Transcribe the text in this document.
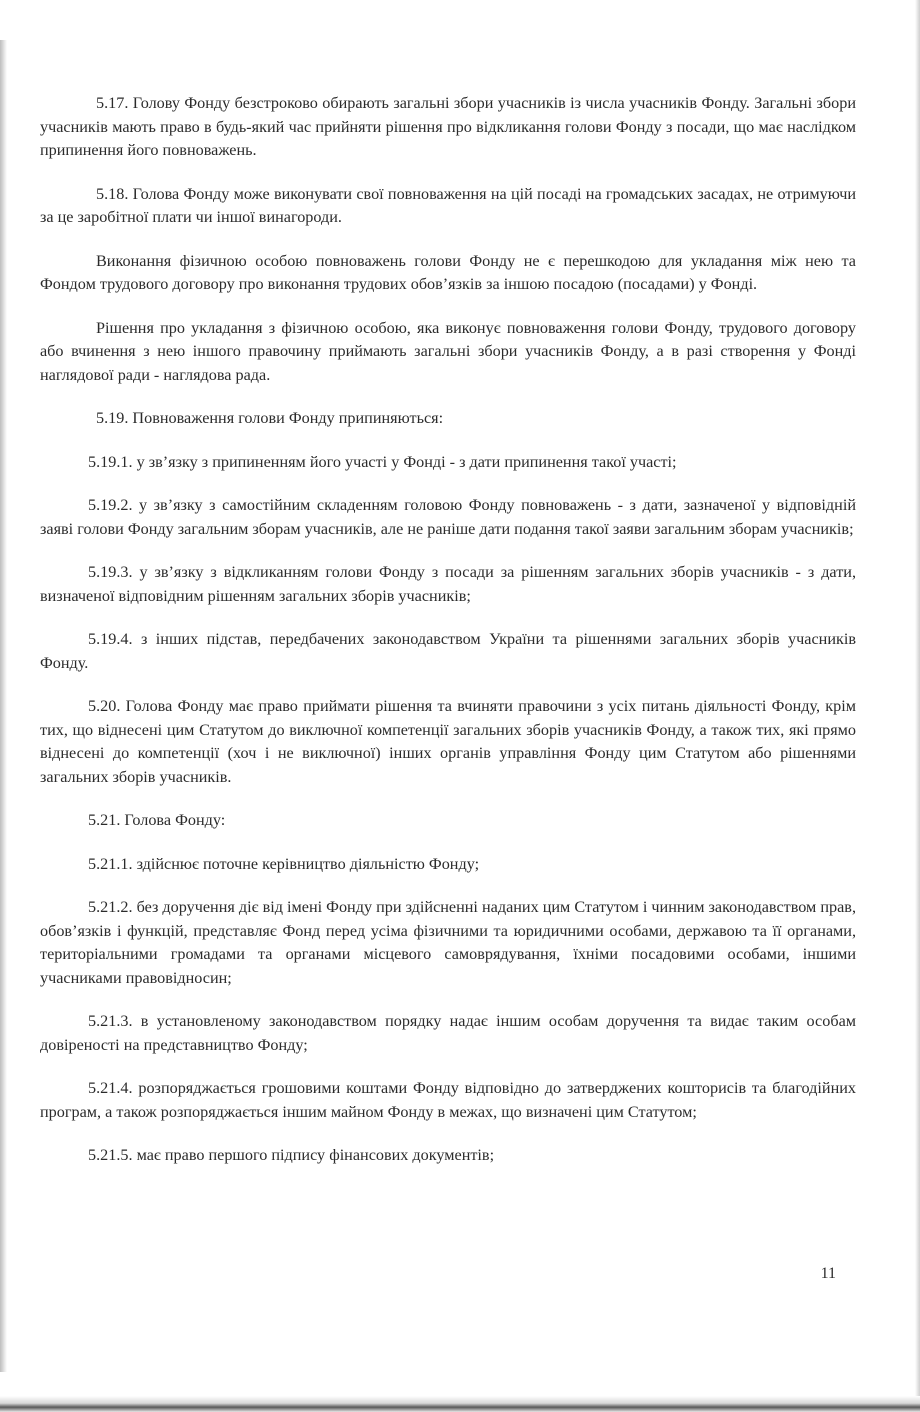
5.17. Голову Фонду безстроково обирають загальні збори учасників із числа учасників Фонду. Загальні збори учасників мають право в будь-який час прийняти рішення про відкликання голови Фонду з посади, що має наслідком припинення його повноважень.

5.18. Голова Фонду може виконувати свої повноваження на цій посаді на громадських засадах, не отримуючи за це заробітної плати чи іншої винагороди.

Виконання фізичною особою повноважень голови Фонду не є перешкодою для укладання між нею та Фондом трудового договору про виконання трудових обов’язків за іншою посадою (посадами) у Фонді.

Рішення про укладання з фізичною особою, яка виконує повноваження голови Фонду, трудового договору або вчинення з нею іншого правочину приймають загальні збори учасників Фонду, а в разі створення у Фонді наглядової ради - наглядова рада.

5.19. Повноваження голови Фонду припиняються:

5.19.1. у зв’язку з припиненням його участі у Фонді - з дати припинення такої участі;

5.19.2. у зв’язку з самостійним складенням головою Фонду повноважень - з дати, зазначеної у відповідній заяві голови Фонду загальним зборам учасників, але не раніше дати подання такої заяви загальним зборам учасників;

5.19.3. у зв’язку з відкликанням голови Фонду з посади за рішенням загальних зборів учасників - з дати, визначеної відповідним рішенням загальних зборів учасників;

5.19.4. з інших підстав, передбачених законодавством України та рішеннями загальних зборів учасників Фонду.

5.20. Голова Фонду має право приймати рішення та вчиняти правочини з усіх питань діяльності Фонду, крім тих, що віднесені цим Статутом до виключної компетенції загальних зборів учасників Фонду, а також тих, які прямо віднесені до компетенції (хоч і не виключної) інших органів управління Фонду цим Статутом або рішеннями загальних зборів учасників.

5.21. Голова Фонду:

5.21.1. здійснює поточне керівництво діяльністю Фонду;

5.21.2. без доручення діє від імені Фонду при здійсненні наданих цим Статутом і чинним законодавством прав, обов’язків і функцій, представляє Фонд перед усіма фізичними та юридичними особами, державою та її органами, територіальними громадами та органами місцевого самоврядування, їхніми посадовими особами, іншими учасниками правовідносин;

5.21.3. в установленому законодавством порядку надає іншим особам доручення та видає таким особам довіреності на представництво Фонду;

5.21.4. розпоряджається грошовими коштами Фонду відповідно до затверджених кошторисів та благодійних програм, а також розпоряджається іншим майном Фонду в межах, що визначені цим Статутом;

5.21.5. має право першого підпису фінансових документів;

11
